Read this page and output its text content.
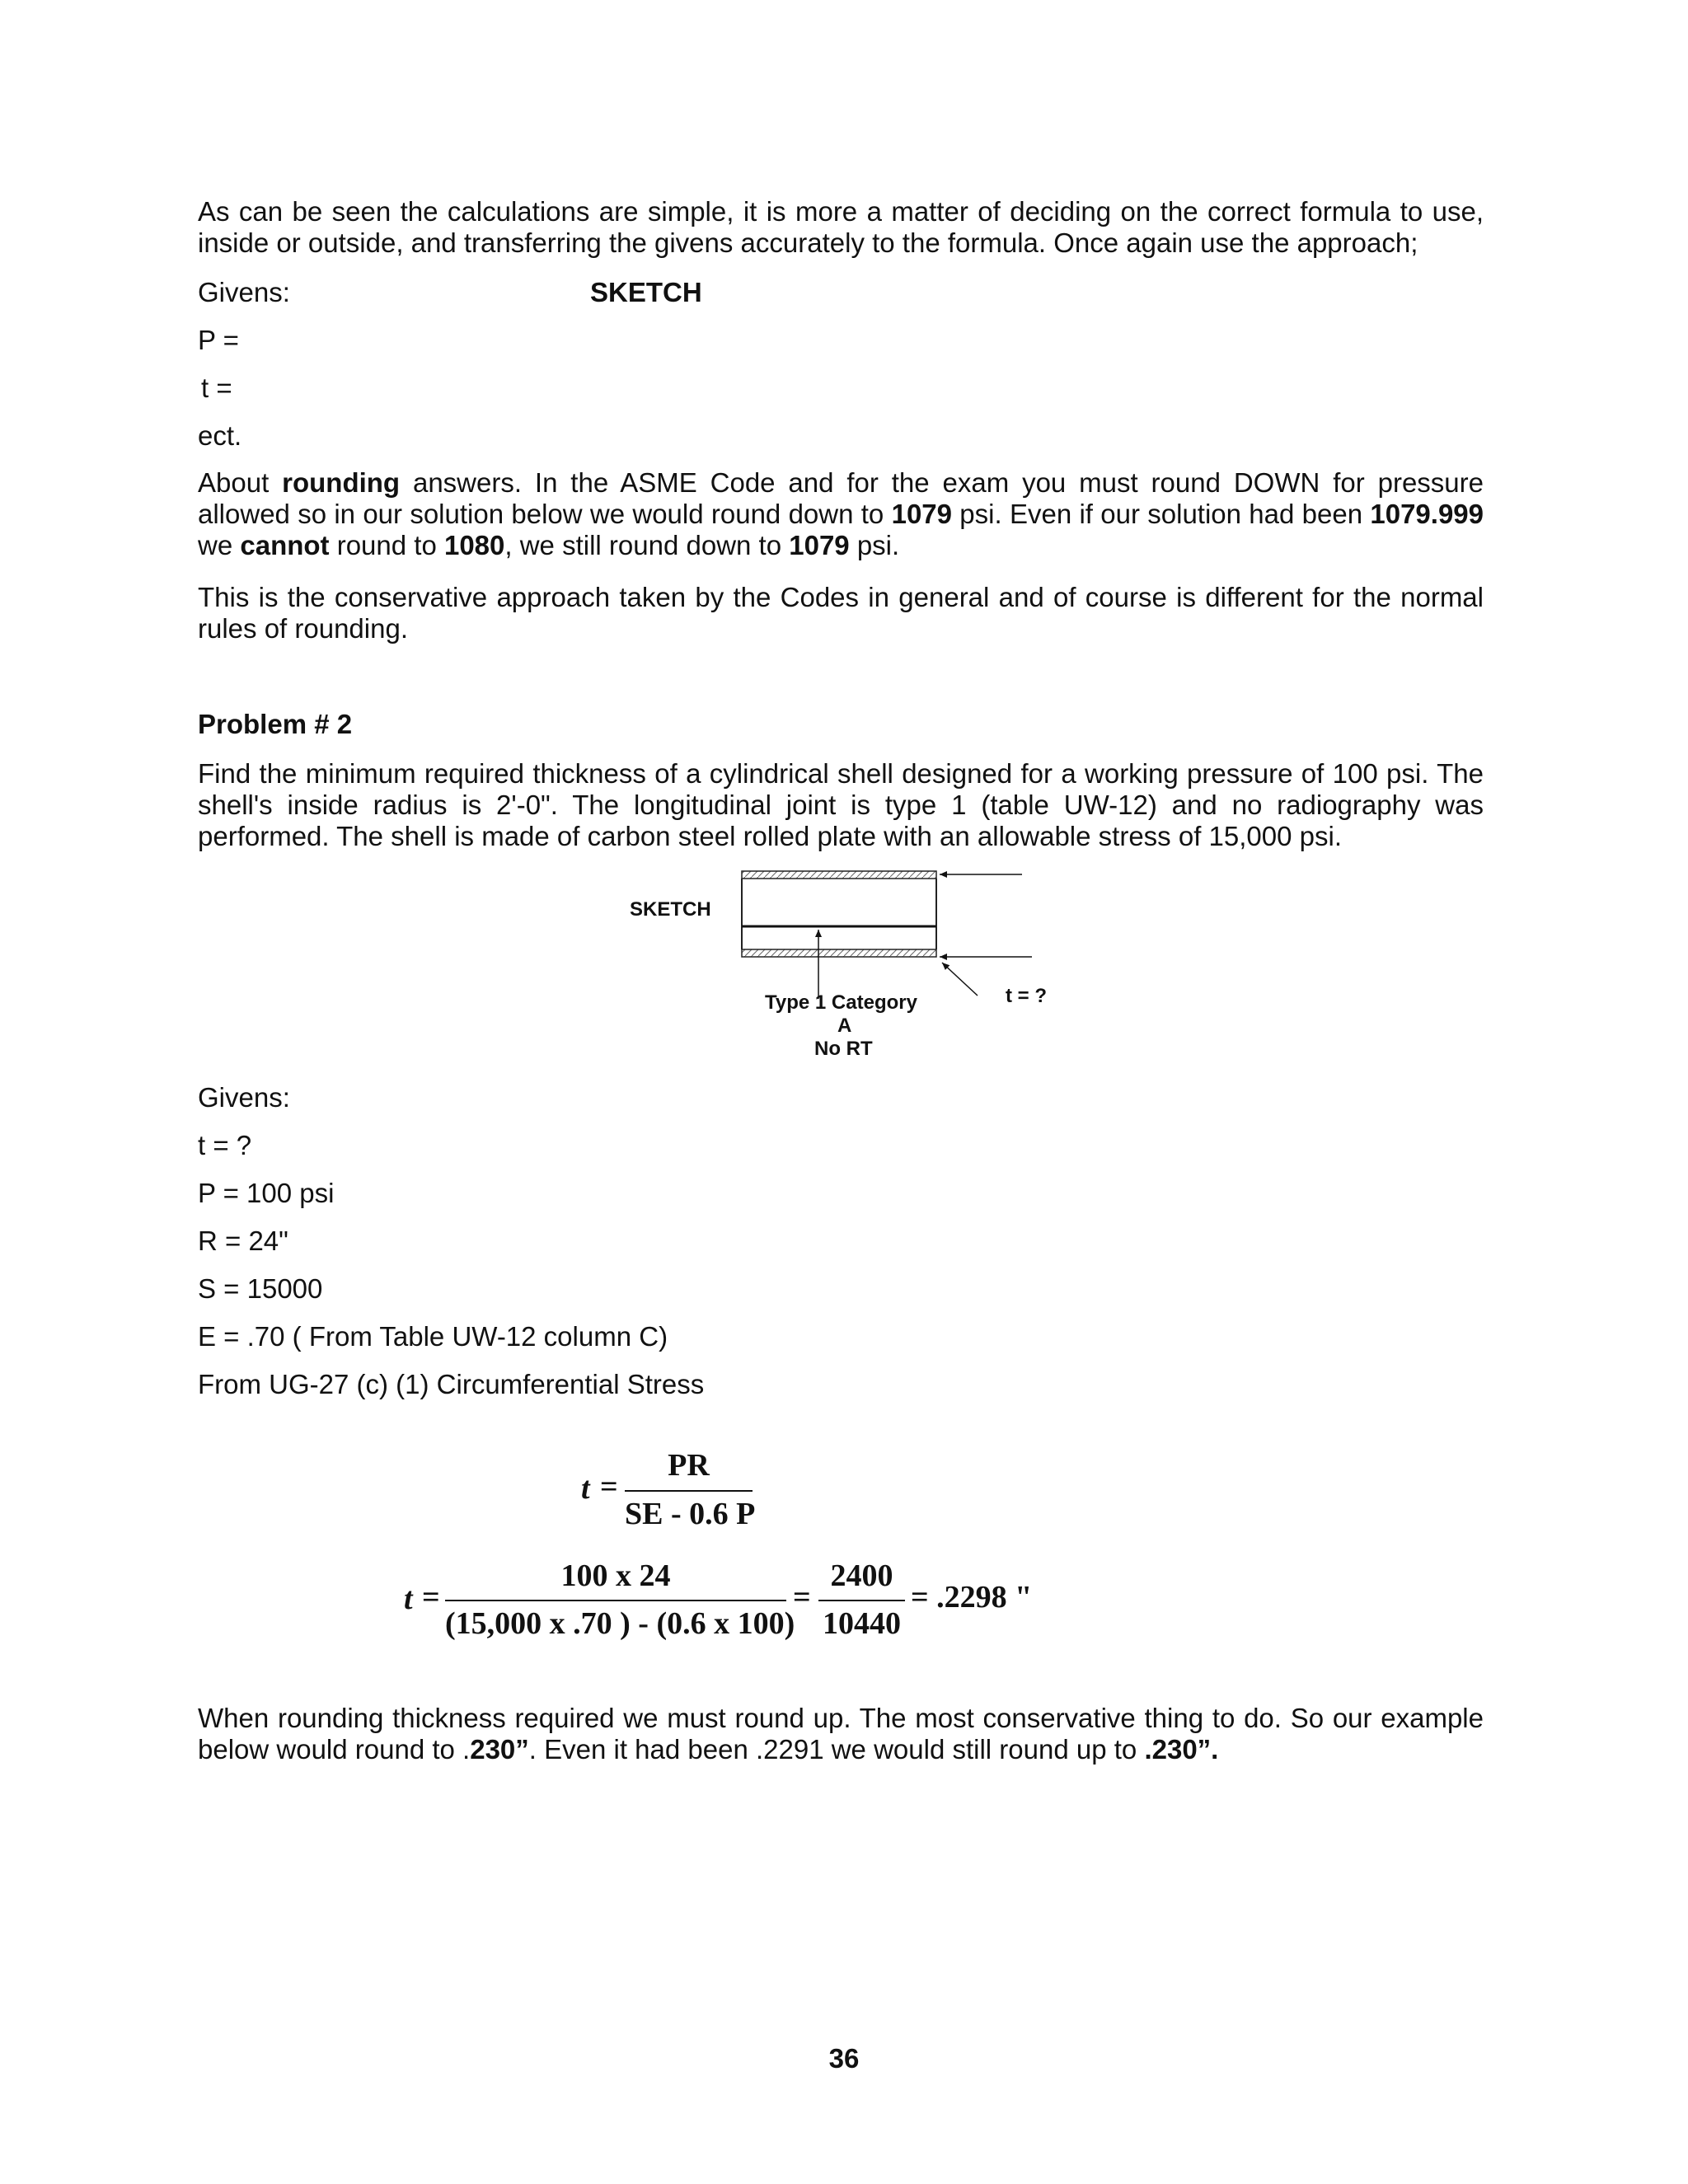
As can be seen the calculations are simple, it is more a matter of deciding on the correct formula to use, inside or outside, and transferring the givens accurately to the formula. Once again use the approach;
Givens:	SKETCH
P =
t =
ect.
About rounding answers. In the ASME Code and for the exam you must round DOWN for pressure allowed so in our solution below we would round down to 1079 psi. Even if our solution had been 1079.999 we cannot round to 1080, we still round down to 1079 psi.
This is the conservative approach taken by the Codes in general and of course is different for the normal rules of rounding.
Problem # 2
Find the minimum required thickness of a cylindrical shell designed for a working pressure of 100 psi. The shell's inside radius is 2'-0". The longitudinal joint is type 1 (table UW-12) and no radiography was performed. The shell is made of carbon steel rolled plate with an allowable stress of 15,000 psi.
SKETCH
Type 1 Category
A
No RT
t = ?
Givens:
t = ?
P = 100 psi
R = 24"
S = 15000
E = .70 ( From Table UW-12 column C)
From UG-27 (c) (1) Circumferential Stress
t =
PR
SE - 0.6 P
t =
100 x 24
(15,000 x .70 ) - (0.6 x 100)
=
2400
10440
= .2298 "
When rounding thickness required we must round up. The most conservative thing to do. So our example below would round to .230”. Even it had been .2291 we would still round up to .230”.
36
